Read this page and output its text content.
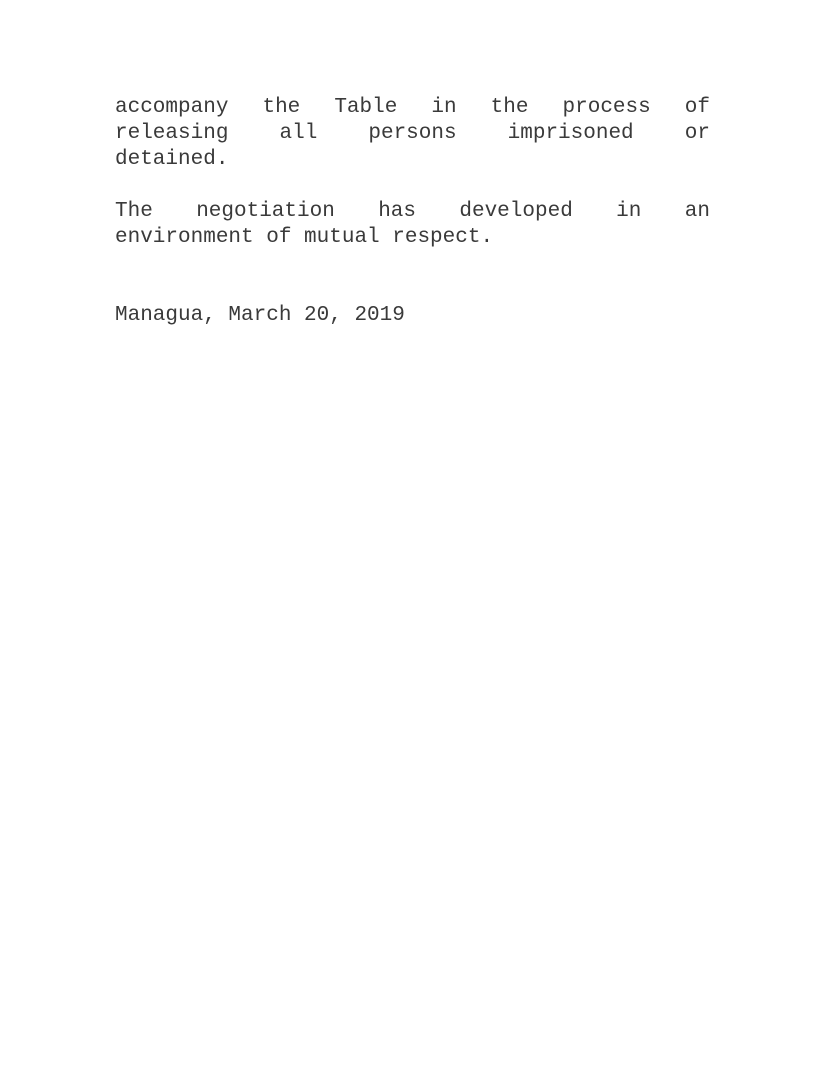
accompany the Table in the process of
releasing all persons imprisoned or
detained.

The negotiation has developed in an
environment of mutual respect.

Managua, March 20, 2019
